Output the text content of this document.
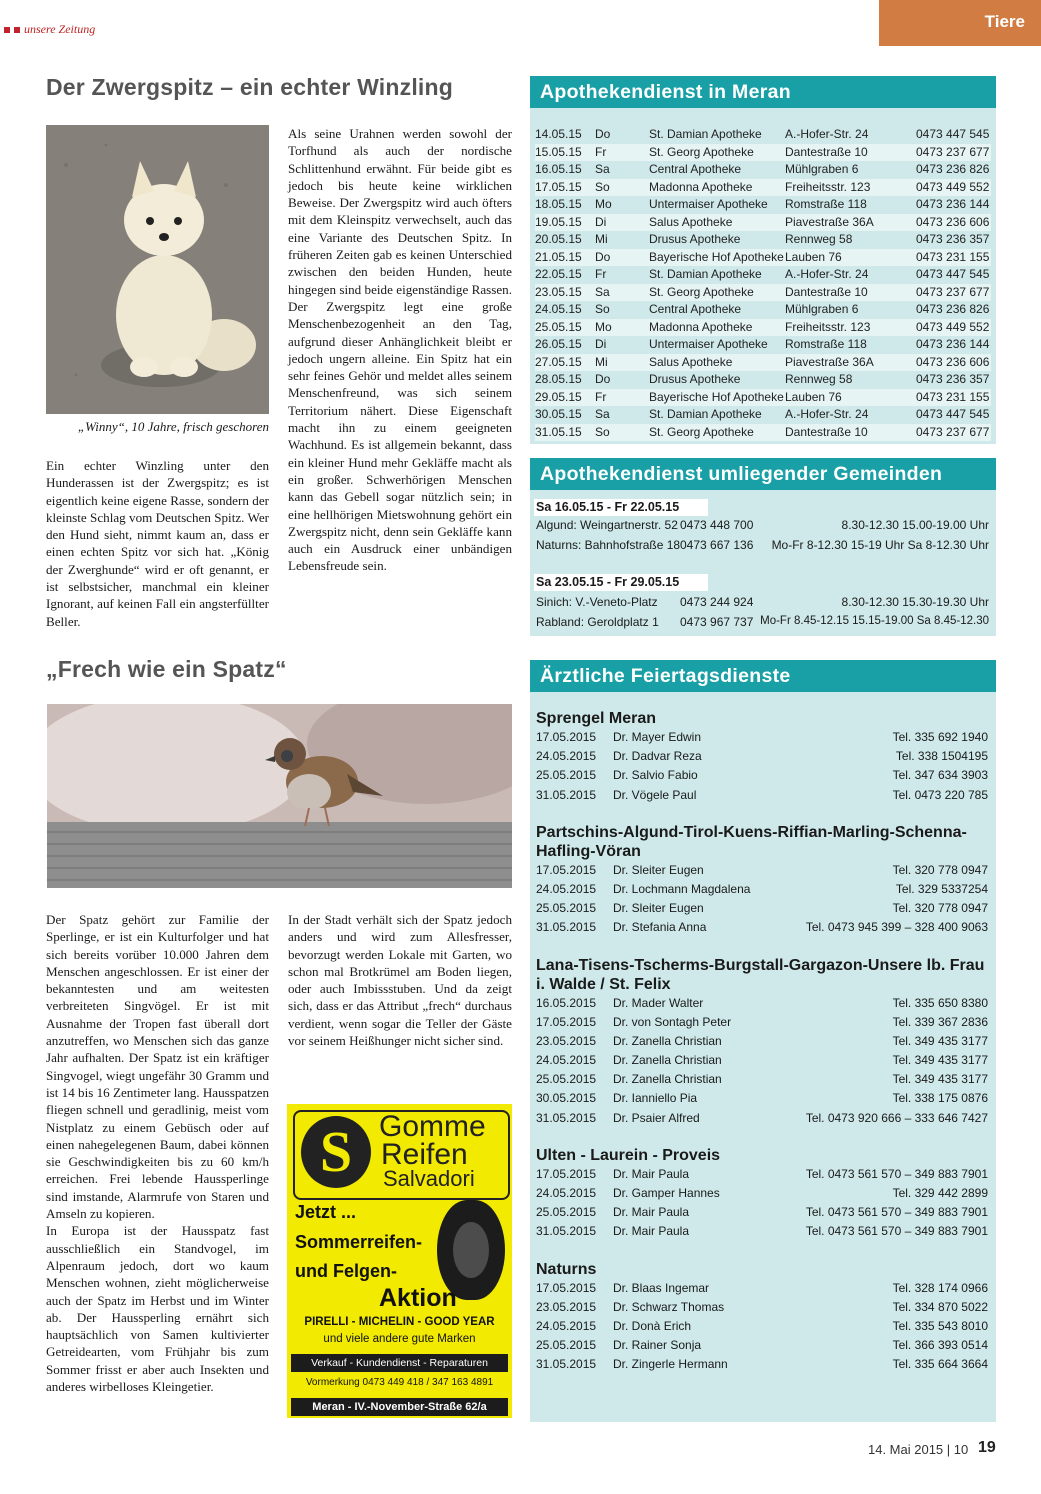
unsere Zeitung	Tiere
Der Zwergspitz – ein echter Winzling
„Winny“, 10 Jahre, frisch geschoren

Ein echter Winzling unter den Hunderassen ist der Zwergspitz; es ist eigentlich keine eigene Rasse, sondern der kleinste Schlag vom Deutschen Spitz. Wer den Hund sieht, nimmt kaum an, dass er einen echten Spitz vor sich hat. „König der Zwerghunde“ wird er oft genannt, er ist selbstsicher, manchmal ein kleiner Ignorant, auf keinen Fall ein angsterfüllter Beller.

Als seine Urahnen werden sowohl der Torfhund als auch der nordische Schlittenhund erwähnt. Für beide gibt es jedoch bis heute keine wirklichen Beweise. Der Zwergspitz wird auch öfters mit dem Kleinspitz verwechselt, auch das eine Variante des Deutschen Spitz. In früheren Zeiten gab es keinen Unterschied zwischen den beiden Hunden, heute hingegen sind beide eigenständige Rassen. Der Zwergspitz legt eine große Menschenbezogenheit an den Tag, aufgrund dieser Anhänglichkeit bleibt er jedoch ungern alleine. Ein Spitz hat ein sehr feines Gehör und meldet alles seinem Menschenfreund, was sich seinem Territorium nähert. Diese Eigenschaft macht ihn zu einem geeigneten Wachhund. Es ist allgemein bekannt, dass ein kleiner Hund mehr Gekläffe macht als ein großer. Schwerhörigen Menschen kann das Gebell sogar nützlich sein; in eine hellhörigen Mietswohnung gehört ein Zwergspitz nicht, denn sein Gekläffe kann auch ein Ausdruck einer unbändigen Lebensfreude sein.

„Frech wie ein Spatz“

Der Spatz gehört zur Familie der Sperlinge, er ist ein Kulturfolger und hat sich bereits vorüber 10.000 Jahren dem Menschen angeschlossen. Er ist einer der bekanntesten und am weitesten verbreiteten Singvögel. Er ist mit Ausnahme der Tropen fast überall dort anzutreffen, wo Menschen sich das ganze Jahr aufhalten. Der Spatz ist ein kräftiger Singvogel, wiegt ungefähr 30 Gramm und ist 14 bis 16 Zentimeter lang. Hausspatzen fliegen schnell und geradlinig, meist vom Nistplatz zu einem Gebüsch oder auf einen nahegelegenen Baum, dabei können sie Geschwindigkeiten bis zu 60 km/h erreichen. Frei lebende Haussperlinge sind imstande, Alarmrufe von Staren und Amseln zu kopieren.

In Europa ist der Hausspatz fast ausschließlich ein Standvogel, im Alpenraum jedoch, dort wo kaum Menschen wohnen, zieht möglicherweise auch der Spatz im Herbst und im Winter ab. Der Haussperling ernährt sich hauptsächlich von Samen kultivierter Getreidearten, vom Frühjahr bis zum Sommer frisst er aber auch Insekten und anderes wirbelloses Kleingetier.

In der Stadt verhält sich der Spatz jedoch anders und wird zum Allesfresser, bevorzugt werden Lokale mit Garten, wo schon mal Brotkrümel am Boden liegen, oder auch Imbissstuben. Und da zeigt sich, dass er das Attribut „frech“ durchaus verdient, wenn sogar die Teller der Gäste vor seinem Heißhunger nicht sicher sind.

S Gomme
Reifen
Salvadori
Jetzt ...
Sommerreifen-
und Felgen-
Aktion
PIRELLI - MICHELIN - GOOD YEAR
und viele andere gute Marken
Verkauf - Kundendienst - Reparaturen
Vormerkung 0473 449 418 / 347 163 4891
Meran - IV.-November-Straße 62/a
Apothekendienst in Meran
14.05.15	Do	St. Damian Apotheke	A.-Hofer-Str. 24	0473 447 545
15.05.15	Fr	St. Georg Apotheke	Dantestraße 10	0473 237 677
16.05.15	Sa	Central Apotheke	Mühlgraben 6	0473 236 826
17.05.15	So	Madonna Apotheke	Freiheitsstr. 123	0473 449 552
18.05.15	Mo	Untermaiser Apotheke	Romstraße 118	0473 236 144
19.05.15	Di	Salus Apotheke	Piavestraße 36A	0473 236 606
20.05.15	Mi	Drusus Apotheke	Rennweg 58	0473 236 357
21.05.15	Do	Bayerische Hof Apotheke	Lauben 76	0473 231 155
22.05.15	Fr	St. Damian Apotheke	A.-Hofer-Str. 24	0473 447 545
23.05.15	Sa	St. Georg Apotheke	Dantestraße 10	0473 237 677
24.05.15	So	Central Apotheke	Mühlgraben 6	0473 236 826
25.05.15	Mo	Madonna Apotheke	Freiheitsstr. 123	0473 449 552
26.05.15	Di	Untermaiser Apotheke	Romstraße 118	0473 236 144
27.05.15	Mi	Salus Apotheke	Piavestraße 36A	0473 236 606
28.05.15	Do	Drusus Apotheke	Rennweg 58	0473 236 357
29.05.15	Fr	Bayerische Hof Apotheke	Lauben 76	0473 231 155
30.05.15	Sa	St. Damian Apotheke	A.-Hofer-Str. 24	0473 447 545
31.05.15	So	St. Georg Apotheke	Dantestraße 10	0473 237 677
Apothekendienst umliegender Gemeinden
Sa 16.05.15 - Fr 22.05.15
Algund: Weingartnerstr. 52 0473 448 700	8.30-12.30 15.00-19.00 Uhr
Naturns: Bahnhofstraße 18 0473 667 136 Mo-Fr 8-12.30 15-19 Uhr Sa 8-12.30 Uhr
Sa 23.05.15 - Fr 29.05.15
Sinich: V.-Veneto-Platz 0473 244 924	8.30-12.30 15.30-19.30 Uhr
Rabland: Geroldplatz 1 0473 967 737 Mo-Fr 8.45-12.15 15.15-19.00 Sa 8.45-12.30
Ärztliche Feiertagsdienste
Sprengel Meran
17.05.2015 Dr. Mayer Edwin	Tel. 335 692 1940
24.05.2015 Dr. Dadvar Reza	Tel. 338 1504195
25.05.2015 Dr. Salvio Fabio	Tel. 347 634 3903
31.05.2015 Dr. Vögele Paul	Tel. 0473 220 785
Partschins-Algund-Tirol-Kuens-Riffian-Marling-Schenna-Hafling-Vöran
17.05.2015 Dr. Sleiter Eugen	Tel. 320 778 0947
24.05.2015 Dr. Lochmann Magdalena	Tel. 329 5337254
25.05.2015 Dr. Sleiter Eugen	Tel. 320 778 0947
31.05.2015 Dr. Stefania Anna	Tel. 0473 945 399 – 328 400 9063
Lana-Tisens-Tscherms-Burgstall-Gargazon-Unsere lb. Frau i. Walde / St. Felix
16.05.2015 Dr. Mader Walter	Tel. 335 650 8380
17.05.2015 Dr. von Sontagh Peter	Tel. 339 367 2836
23.05.2015 Dr. Zanella Christian	Tel. 349 435 3177
24.05.2015 Dr. Zanella Christian	Tel. 349 435 3177
25.05.2015 Dr. Zanella Christian	Tel. 349 435 3177
30.05.2015 Dr. Ianniello Pia	Tel. 338 175 0876
31.05.2015 Dr. Psaier Alfred	Tel. 0473 920 666 – 333 646 7427
Ulten - Laurein - Proveis
17.05.2015 Dr. Mair Paula	Tel. 0473 561 570 – 349 883 7901
24.05.2015 Dr. Gamper Hannes	Tel. 329 442 2899
25.05.2015 Dr. Mair Paula	Tel. 0473 561 570 – 349 883 7901
31.05.2015 Dr. Mair Paula	Tel. 0473 561 570 – 349 883 7901
Naturns
17.05.2015 Dr. Blaas Ingemar	Tel. 328 174 0966
23.05.2015 Dr. Schwarz Thomas	Tel. 334 870 5022
24.05.2015 Dr. Donà Erich	Tel. 335 543 8010
25.05.2015 Dr. Rainer Sonja	Tel. 366 393 0514
31.05.2015 Dr. Zingerle Hermann	Tel. 335 664 3664
14. Mai 2015 | 10 19
